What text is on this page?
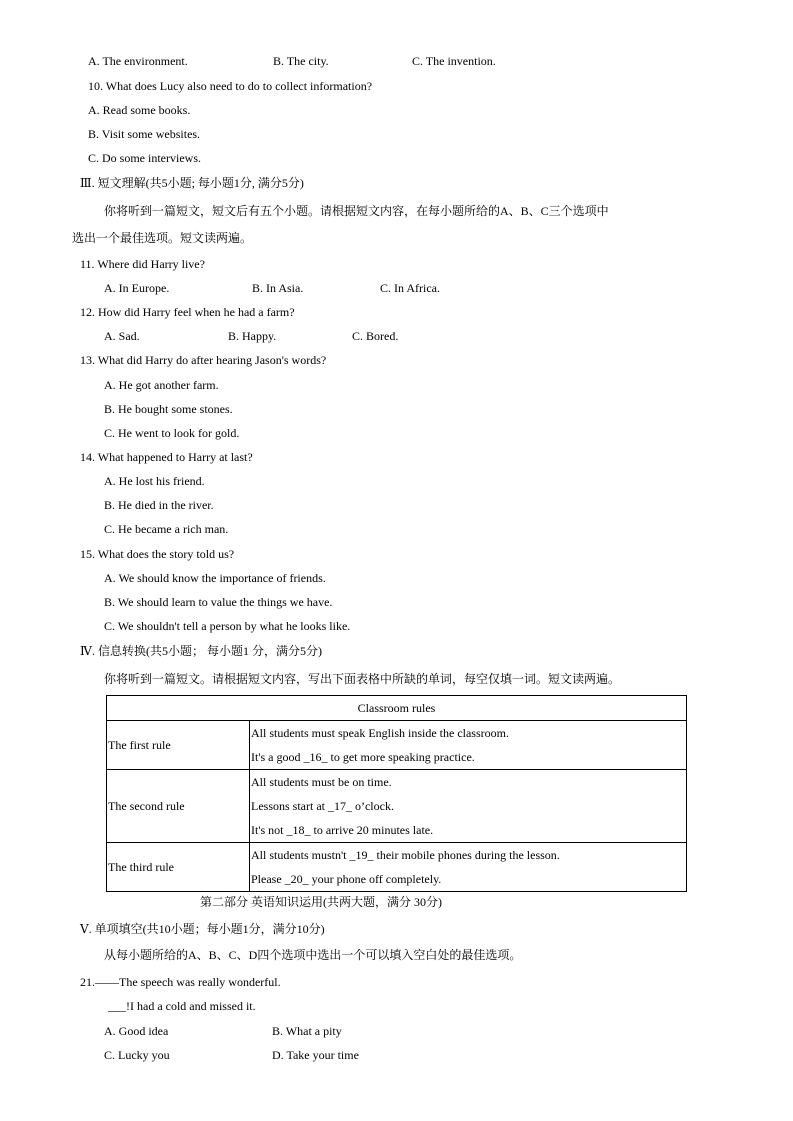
A. The environment.	B. The city.	C. The invention.
10. What does Lucy also need to do to collect information?
A. Read some books.
B. Visit some websites.
C. Do some interviews.
Ⅲ. 短文理解(共5小题; 每小题1分, 满分5分)
你将听到一篇短文，短文后有五个小题。请根据短文内容，在每小题所给的A、B、C三个选项中
选出一个最佳选项。短文读两遍。
11. Where did Harry live?
A. In Europe.	B. In Asia.	C. In Africa.
12. How did Harry feel when he had a farm?
A. Sad.	B. Happy.	C. Bored.
13. What did Harry do after hearing Jason's words?
A. He got another farm.
B. He bought some stones.
C. He went to look for gold.
14. What happened to Harry at last?
A. He lost his friend.
B. He died in the river.
C. He became a rich man.
15. What does the story told us?
A. We should know the importance of friends.
B. We should learn to value the things we have.
C. We shouldn't tell a person by what he looks like.
Ⅳ. 信息转换(共5小题； 每小题1 分，满分5分)
你将听到一篇短文。请根据短文内容，写出下面表格中所缺的单词，每空仅填一词。短文读两遍。
Classroom rules	
The first rule	All students must speak English inside the classroom.
It's a good _16_ to get more speaking practice.

The second rule	All students must be on time.
Lessons start at _17_ o’clock.
It's not _18_ to arrive 20 minutes late.

The third rule	All students mustn't _19_ their mobile phones during the lesson.
Please _20_ your phone off completely.
第二部分 英语知识运用(共两大题，满分 30分)
Ⅴ. 单项填空(共10小题；每小题1分，满分10分)
从每小题所给的A、B、C、D四个选项中选出一个可以填入空白处的最佳选项。
21.——The speech was really wonderful.
___!I had a cold and missed it.
A. Good idea	B. What a pity
C. Lucky you	D. Take your time
